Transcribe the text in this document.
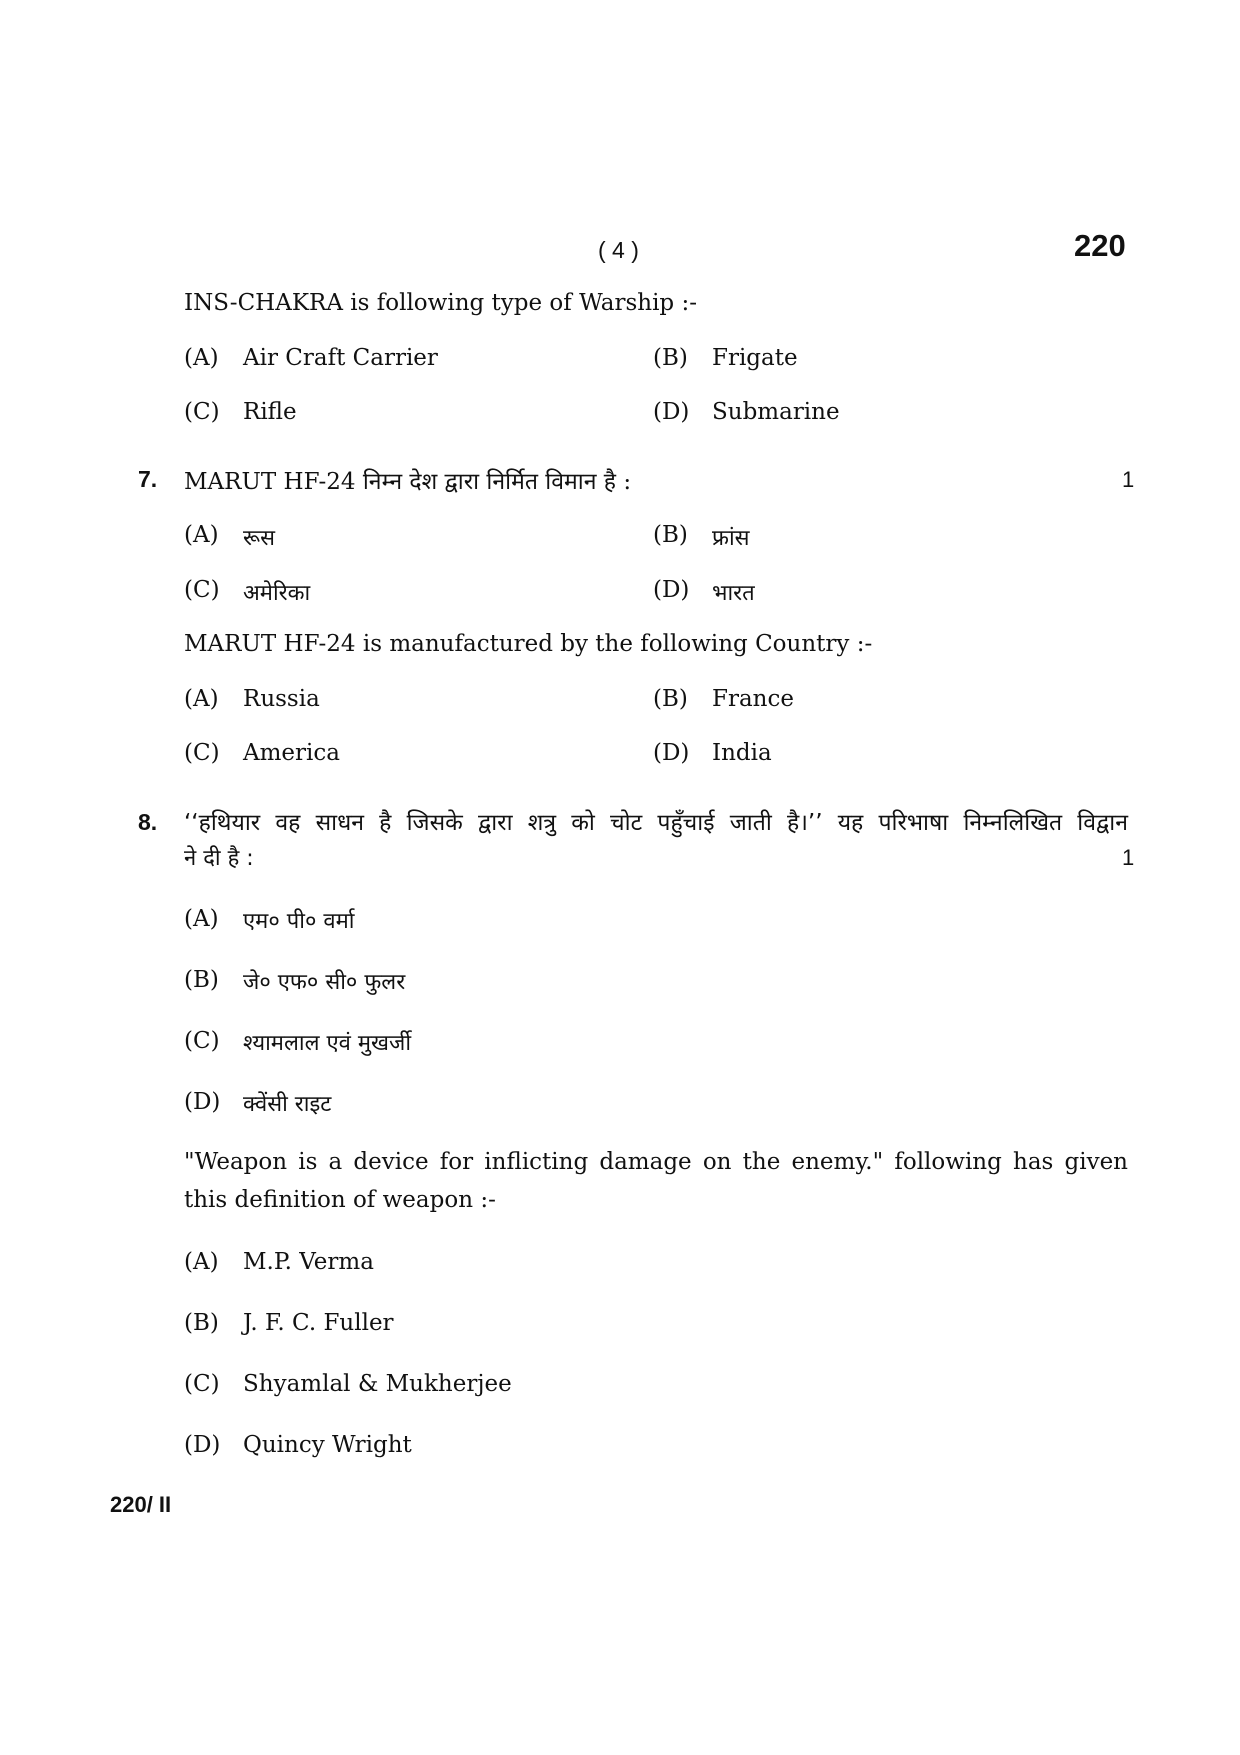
( 4 )	220
INS-CHAKRA is following type of Warship :-
(A) Air Craft Carrier	(B) Frigate
(C) Rifle	(D) Submarine
7. MARUT HF-24 निम्न देश द्वारा निर्मित विमान है :	1
(A) रूस	(B) फ्रांस
(C) अमेरिका	(D) भारत
MARUT HF-24 is manufactured by the following Country :-
(A) Russia	(B) France
(C) America	(D) India
8. ‘‘हथियार वह साधन है जिसके द्वारा शत्रु को चोट पहुँचाई जाती है।’’ यह परिभाषा निम्नलिखित विद्वान
ने दी है :	1
(A) एम० पी० वर्मा
(B) जे० एफ० सी० फुलर
(C) श्यामलाल एवं मुखर्जी
(D) क्वेंसी राइट
"Weapon is a device for inflicting damage on the enemy." following has given
this definition of weapon :-
(A) M.P. Verma
(B) J. F. C. Fuller
(C) Shyamlal & Mukherjee
(D) Quincy Wright
220/ II
